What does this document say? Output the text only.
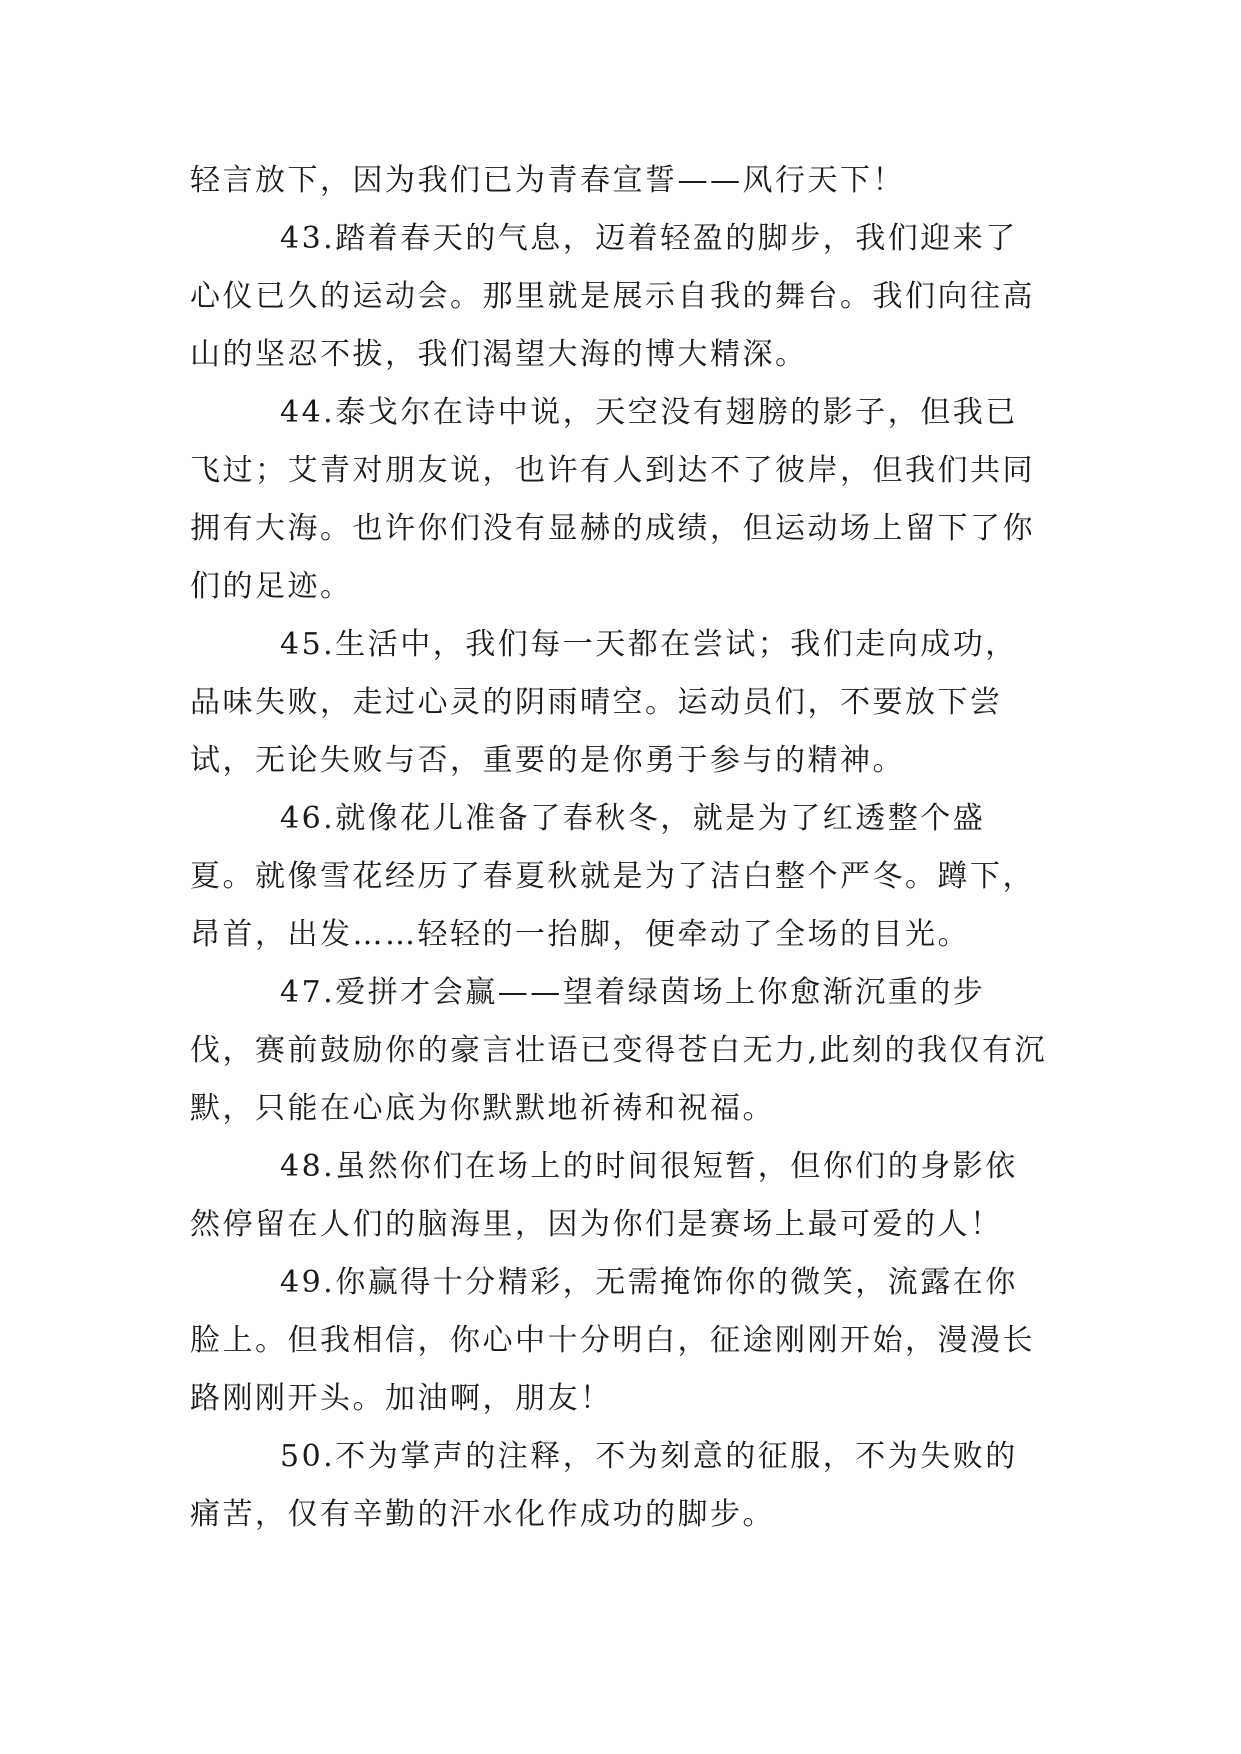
轻言放下，因为我们已为青春宣誓——风行天下！

43.踏着春天的气息，迈着轻盈的脚步，我们迎来了心仪已久的运动会。那里就是展示自我的舞台。我们向往高山的坚忍不拔，我们渴望大海的博大精深。

44.泰戈尔在诗中说，天空没有翅膀的影子，但我已飞过；艾青对朋友说，也许有人到达不了彼岸，但我们共同拥有大海。也许你们没有显赫的成绩，但运动场上留下了你们的足迹。

45.生活中，我们每一天都在尝试；我们走向成功，品味失败，走过心灵的阴雨晴空。运动员们，不要放下尝试，无论失败与否，重要的是你勇于参与的精神。

46.就像花儿准备了春秋冬，就是为了红透整个盛夏。就像雪花经历了春夏秋就是为了洁白整个严冬。蹲下，昂首，出发……轻轻的一抬脚，便牵动了全场的目光。

47.爱拼才会赢——望着绿茵场上你愈渐沉重的步伐，赛前鼓励你的豪言壮语已变得苍白无力,此刻的我仅有沉默，只能在心底为你默默地祈祷和祝福。

48.虽然你们在场上的时间很短暂，但你们的身影依然停留在人们的脑海里，因为你们是赛场上最可爱的人！

49.你赢得十分精彩，无需掩饰你的微笑，流露在你脸上。但我相信，你心中十分明白，征途刚刚开始，漫漫长路刚刚开头。加油啊，朋友！

50.不为掌声的注释，不为刻意的征服，不为失败的痛苦，仅有辛勤的汗水化作成功的脚步。
